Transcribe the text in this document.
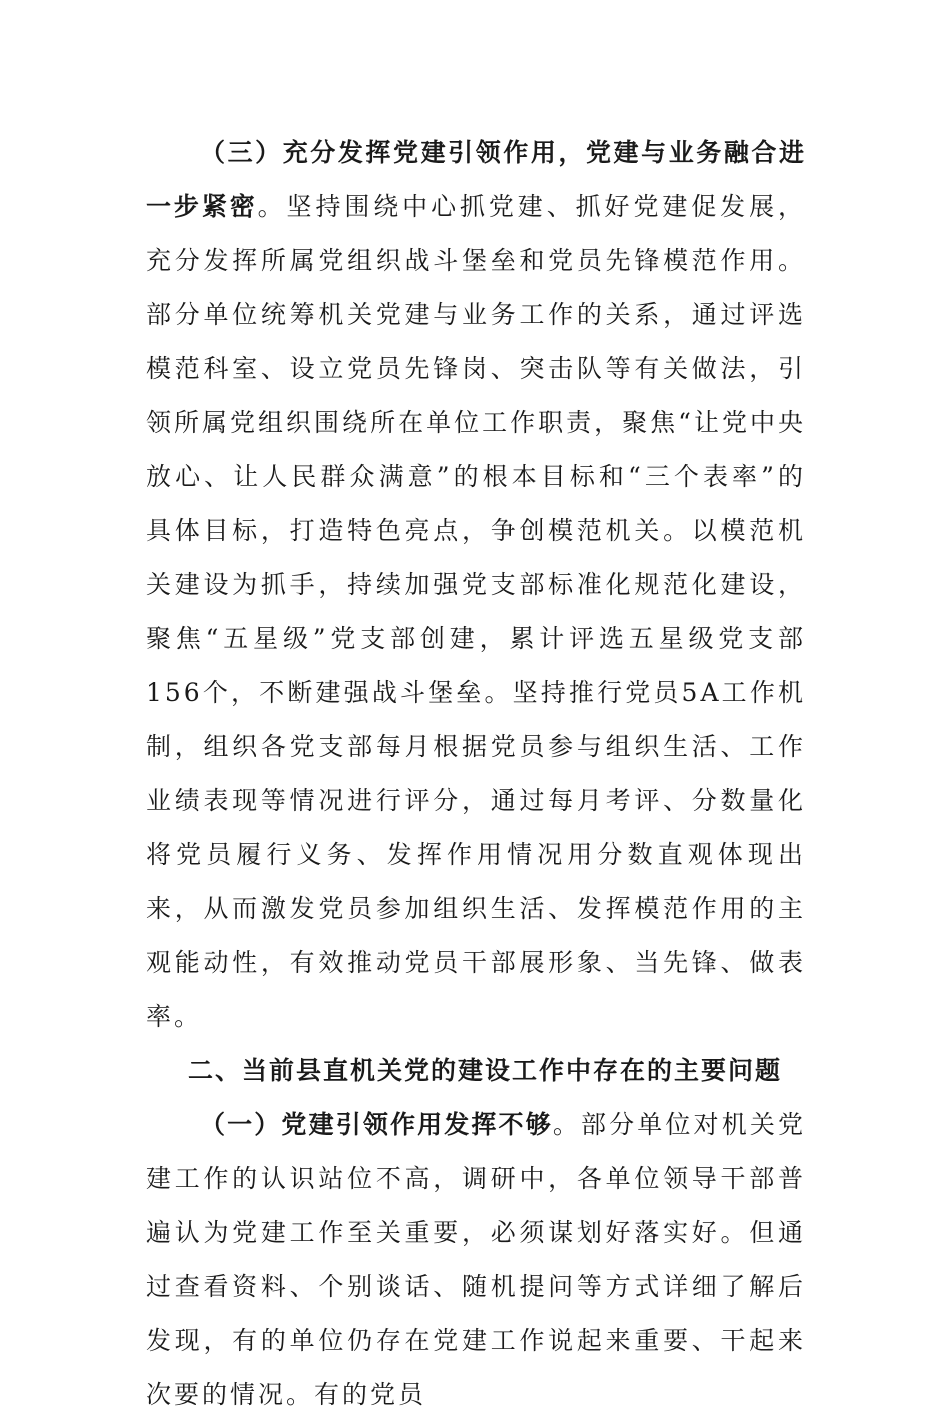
（三）充分发挥党建引领作用，党建与业务融合进一步紧密。坚持围绕中心抓党建、抓好党建促发展，充分发挥所属党组织战斗堡垒和党员先锋模范作用。部分单位统筹机关党建与业务工作的关系，通过评选模范科室、设立党员先锋岗、突击队等有关做法，引领所属党组织围绕所在单位工作职责，聚焦“让党中央放心、让人民群众满意”的根本目标和“三个表率”的具体目标，打造特色亮点，争创模范机关。以模范机关建设为抓手，持续加强党支部标准化规范化建设，聚焦“五星级”党支部创建，累计评选五星级党支部156个，不断建强战斗堡垒。坚持推行党员5A工作机制，组织各党支部每月根据党员参与组织生活、工作业绩表现等情况进行评分，通过每月考评、分数量化将党员履行义务、发挥作用情况用分数直观体现出来，从而激发党员参加组织生活、发挥模范作用的主观能动性，有效推动党员干部展形象、当先锋、做表率。

二、当前县直机关党的建设工作中存在的主要问题

（一）党建引领作用发挥不够。部分单位对机关党建工作的认识站位不高，调研中，各单位领导干部普遍认为党建工作至关重要，必须谋划好落实好。但通过查看资料、个别谈话、随机提问等方式详细了解后发现，有的单位仍存在党建工作说起来重要、干起来次要的情况。有的党员
